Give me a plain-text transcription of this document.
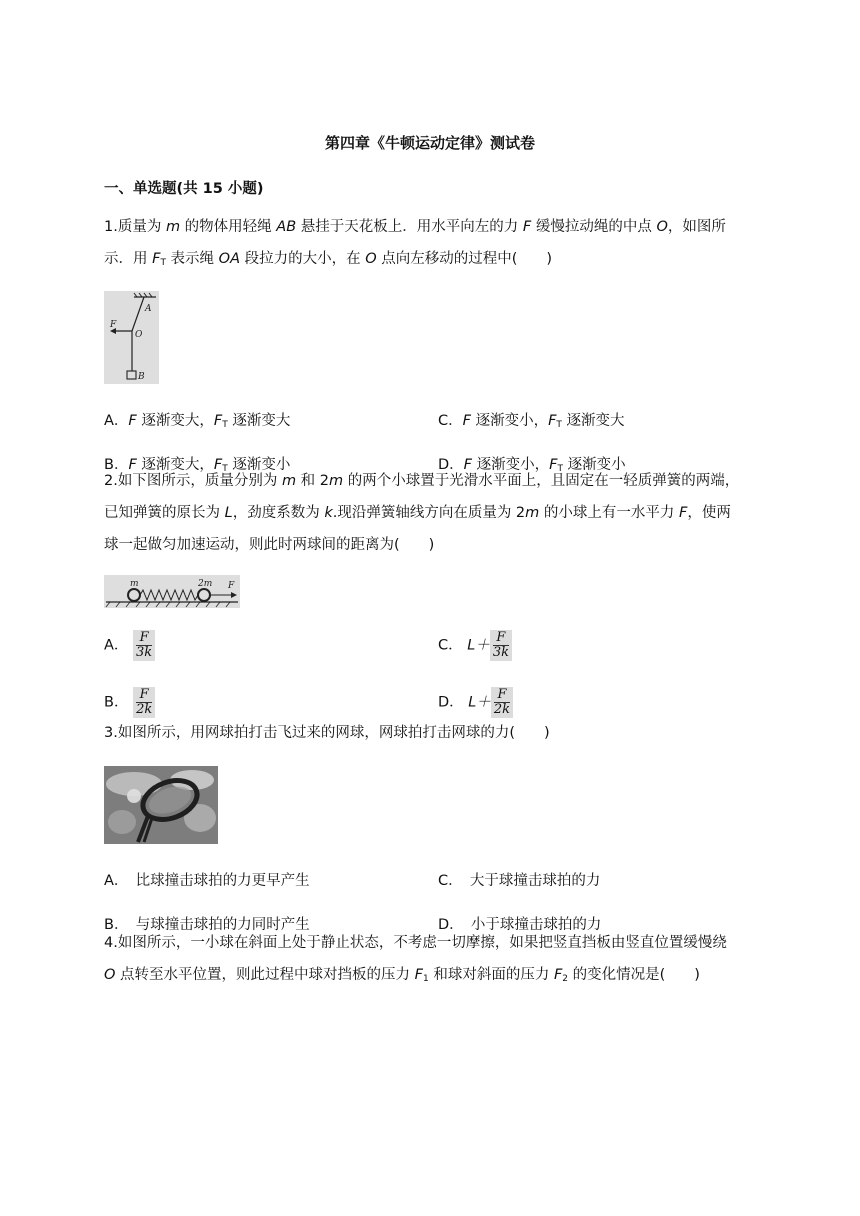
第四章《牛顿运动定律》测试卷
一、单选题(共 15 小题)
1.质量为 m 的物体用轻绳 AB 悬挂于天花板上．用水平向左的力 F 缓慢拉动绳的中点 O，如图所
示．用 $F_T$ 表示绳 OA 段拉力的大小，在 O 点向左移动的过程中(　　)
A
F
O
B
A．F 逐渐变大，$F_T$ 逐渐变大	C．F 逐渐变小，$F_T$ 逐渐变大
B．F 逐渐变大，$F_T$ 逐渐变小	D．F 逐渐变小，$F_T$ 逐渐变小
2.如下图所示，质量分别为 m 和 2m 的两个小球置于光滑水平面上，且固定在一轻质弹簧的两端，
已知弹簧的原长为 L，劲度系数为 k.现沿弹簧轴线方向在质量为 2m 的小球上有一水平力 F，使两
球一起做匀加速运动，则此时两球间的距离为(　　)
m	2m F
A． $\frac{F}{3k}$	C． $L+\frac{F}{3k}$
B． $\frac{F}{2k}$	D． $L+\frac{F}{2k}$
3.如图所示，用网球拍打击飞过来的网球，网球拍打击网球的力(　　)
A．　比球撞击球拍的力更早产生	C．　大于球撞击球拍的力
B．　与球撞击球拍的力同时产生	D．　小于球撞击球拍的力
4.如图所示，一小球在斜面上处于静止状态，不考虑一切摩擦，如果把竖直挡板由竖直位置缓慢绕
O 点转至水平位置，则此过程中球对挡板的压力 $F_1$ 和球对斜面的压力 $F_2$ 的变化情况是(　　)
